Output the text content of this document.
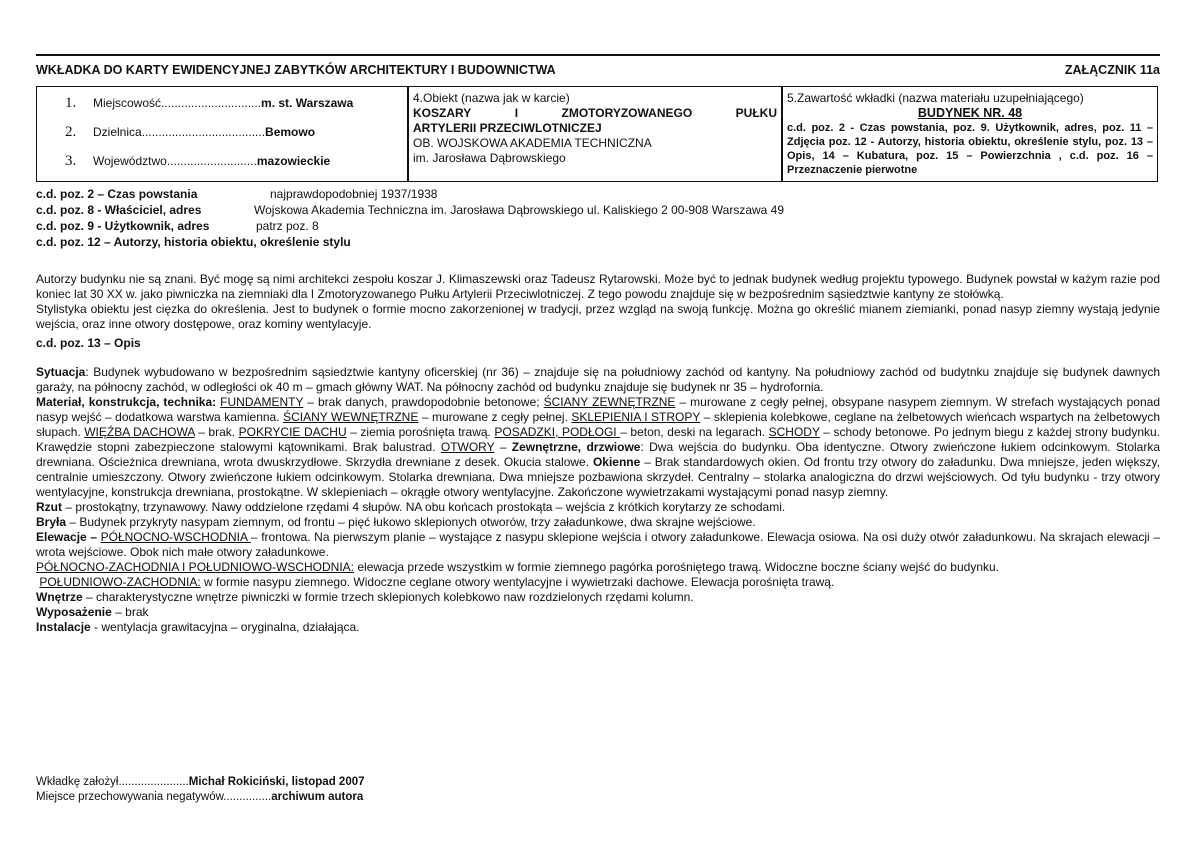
WKŁADKA DO KARTY EWIDENCYJNEJ ZABYTKÓW ARCHITEKTURY I BUDOWNICTWA	ZAŁĄCZNIK 11a
1. Miejscowość..............................m. st. Warszawa
2. Dzielnica.....................................Bemowo
3. Województwo...........................mazowieckie
4.Obiekt (nazwa jak w karcie)
KOSZARY	I	ZMOTORYZOWANEGO	PUŁKU
ARTYLERII PRZECIWLOTNICZEJ
OB. WOJSKOWA AKADEMIA TECHNICZNA
im. Jarosława Dąbrowskiego
5.Zawartość wkładki (nazwa materiału uzupełniającego)
BUDYNEK NR. 48
c.d. poz. 2 - Czas powstania, poz. 9. Użytkownik, adres, poz. 11 – Zdjęcia poz. 12 - Autorzy, historia obiektu, określenie stylu, poz. 13 – Opis, 14 – Kubatura, poz. 15 – Powierzchnia , c.d. poz. 16 – Przeznaczenie pierwotne
c.d. poz. 2 – Czas powstania	najprawdopodobniej 1937/1938
c.d. poz. 8 - Właściciel, adres	Wojskowa Akademia Techniczna im. Jarosława Dąbrowskiego ul. Kaliskiego 2 00-908 Warszawa 49
c.d. poz. 9 - Użytkownik, adres	patrz poz. 8
c.d. poz. 12 – Autorzy, historia obiektu, określenie stylu

Autorzy budynku nie są znani. Być mogę są nimi architekci zespołu koszar J. Klimaszewski oraz Tadeusz Rytarowski. Może być to jednak budynek według projektu typowego. Budynek powstał w każym razie pod koniec lat 30 XX w. jako piwniczka na ziemniaki dla I Zmotoryzowanego Pułku Artylerii Przeciwlotniczej. Z tego powodu znajduje się w bezpośrednim sąsiedztwie kantyny ze stołówką.

Stylistyka obiektu jest cięzka do określenia. Jest to budynek o formie mocno zakorzenionej w tradycji, przez wzgląd na swoją funkcję. Można go określić mianem ziemianki, ponad nasyp ziemny wystają jedynie wejścia, oraz inne otwory dostępowe, oraz kominy wentylacyje.

c.d. poz. 13 – Opis

Sytuacja: Budynek wybudowano w bezpośrednim sąsiedztwie kantyny oficerskiej (nr 36) – znajduje się na południowy zachód od kantyny. Na południowy zachód od budytnku znajduje się budynek dawnych garaży, na północny zachód, w odległości ok 40 m – gmach główny WAT. Na północny zachód od budynku znajduje się budynek nr 35 – hydrofornia.

Materiał, konstrukcja, technika: FUNDAMENTY – brak danych, prawdopodobnie betonowe; ŚCIANY ZEWNĘTRZNE – murowane z cegły pełnej, obsypane nasypem ziemnym. W strefach wystających ponad nasyp wejść – dodatkowa warstwa kamienna. ŚCIANY WEWNĘTRZNE – murowane z cegły pełnej. SKLEPIENIA I STROPY – sklepienia kolebkowe, ceglane na żelbetowych wieńcach wspartych na żelbetowych słupach. WIĘŹBA DACHOWA – brak. POKRYCIE DACHU – ziemia porośnięta trawą. POSADZKI, PODŁOGI – beton, deski na legarach. SCHODY – schody betonowe. Po jednym biegu z każdej strony budynku. Krawędzie stopni zabezpieczone stalowymi kątownikami. Brak balustrad. OTWORY – Zewnętrzne, drzwiowe: Dwa wejścia do budynku. Oba identyczne. Otwory zwieńczone łukiem odcinkowym. Stolarka drewniana. Ościeżnica drewniana, wrota dwuskrzydłowe. Skrzydła drewniane z desek. Okucia stalowe. Okienne – Brak standardowych okien. Od frontu trzy otwory do załadunku. Dwa mniejsze, jeden większy, centralnie umieszczony. Otwory zwieńczone łukiem odcinkowym. Stolarka drewniana. Dwa mniejsze pozbawiona skrzydeł. Centralny – stolarka analogiczna do drzwi wejściowych. Od tyłu budynku - trzy otwory wentylacyjne, konstrukcja drewniana, prostokątne. W sklepieniach – okrągłe otwory wentylacyjne. Zakończone wywietrzakami wystającymi ponad nasyp ziemny.

Rzut – prostokątny, trzynawowy. Nawy oddzielone rzędami 4 słupów. NA obu końcach prostokąta – wejścia z krótkich korytarzy ze schodami.

Bryła – Budynek przykryty nasypam ziemnym, od frontu – pięć łukowo sklepionych otworów, trzy załadunkowe, dwa skrajne wejściowe.

Elewacje – PÓŁNOCNO-WSCHODNIA – frontowa. Na pierwszym planie – wystające z nasypu sklepione wejścia i otwory załadunkowe. Elewacja osiowa. Na osi duży otwór załadunkowu. Na skrajach elewacji – wrota wejściowe. Obok nich małe otwory załadunkowe.

PÓŁNOCNO-ZACHODNIA I POŁUDNIOWO-WSCHODNIA: elewacja przede wszystkim w formie ziemnego pagórka porośniętego trawą. Widoczne boczne ściany wejść do budynku.

POŁUDNIOWO-ZACHODNIA: w formie nasypu ziemnego. Widoczne ceglane otwory wentylacyjne i wywietrzaki dachowe. Elewacja porośnięta trawą.

Wnętrze – charakterystyczne wnętrze piwniczki w formie trzech sklepionych kolebkowo naw rozdzielonych rzędami kolumn.

Wyposażenie – brak

Instalacje - wentylacja grawitacyjna – oryginalna, działająca.

Wkładkę założył......................Michał Rokiciński, listopad 2007
Miejsce przechowywania negatywów...............archiwum autora
